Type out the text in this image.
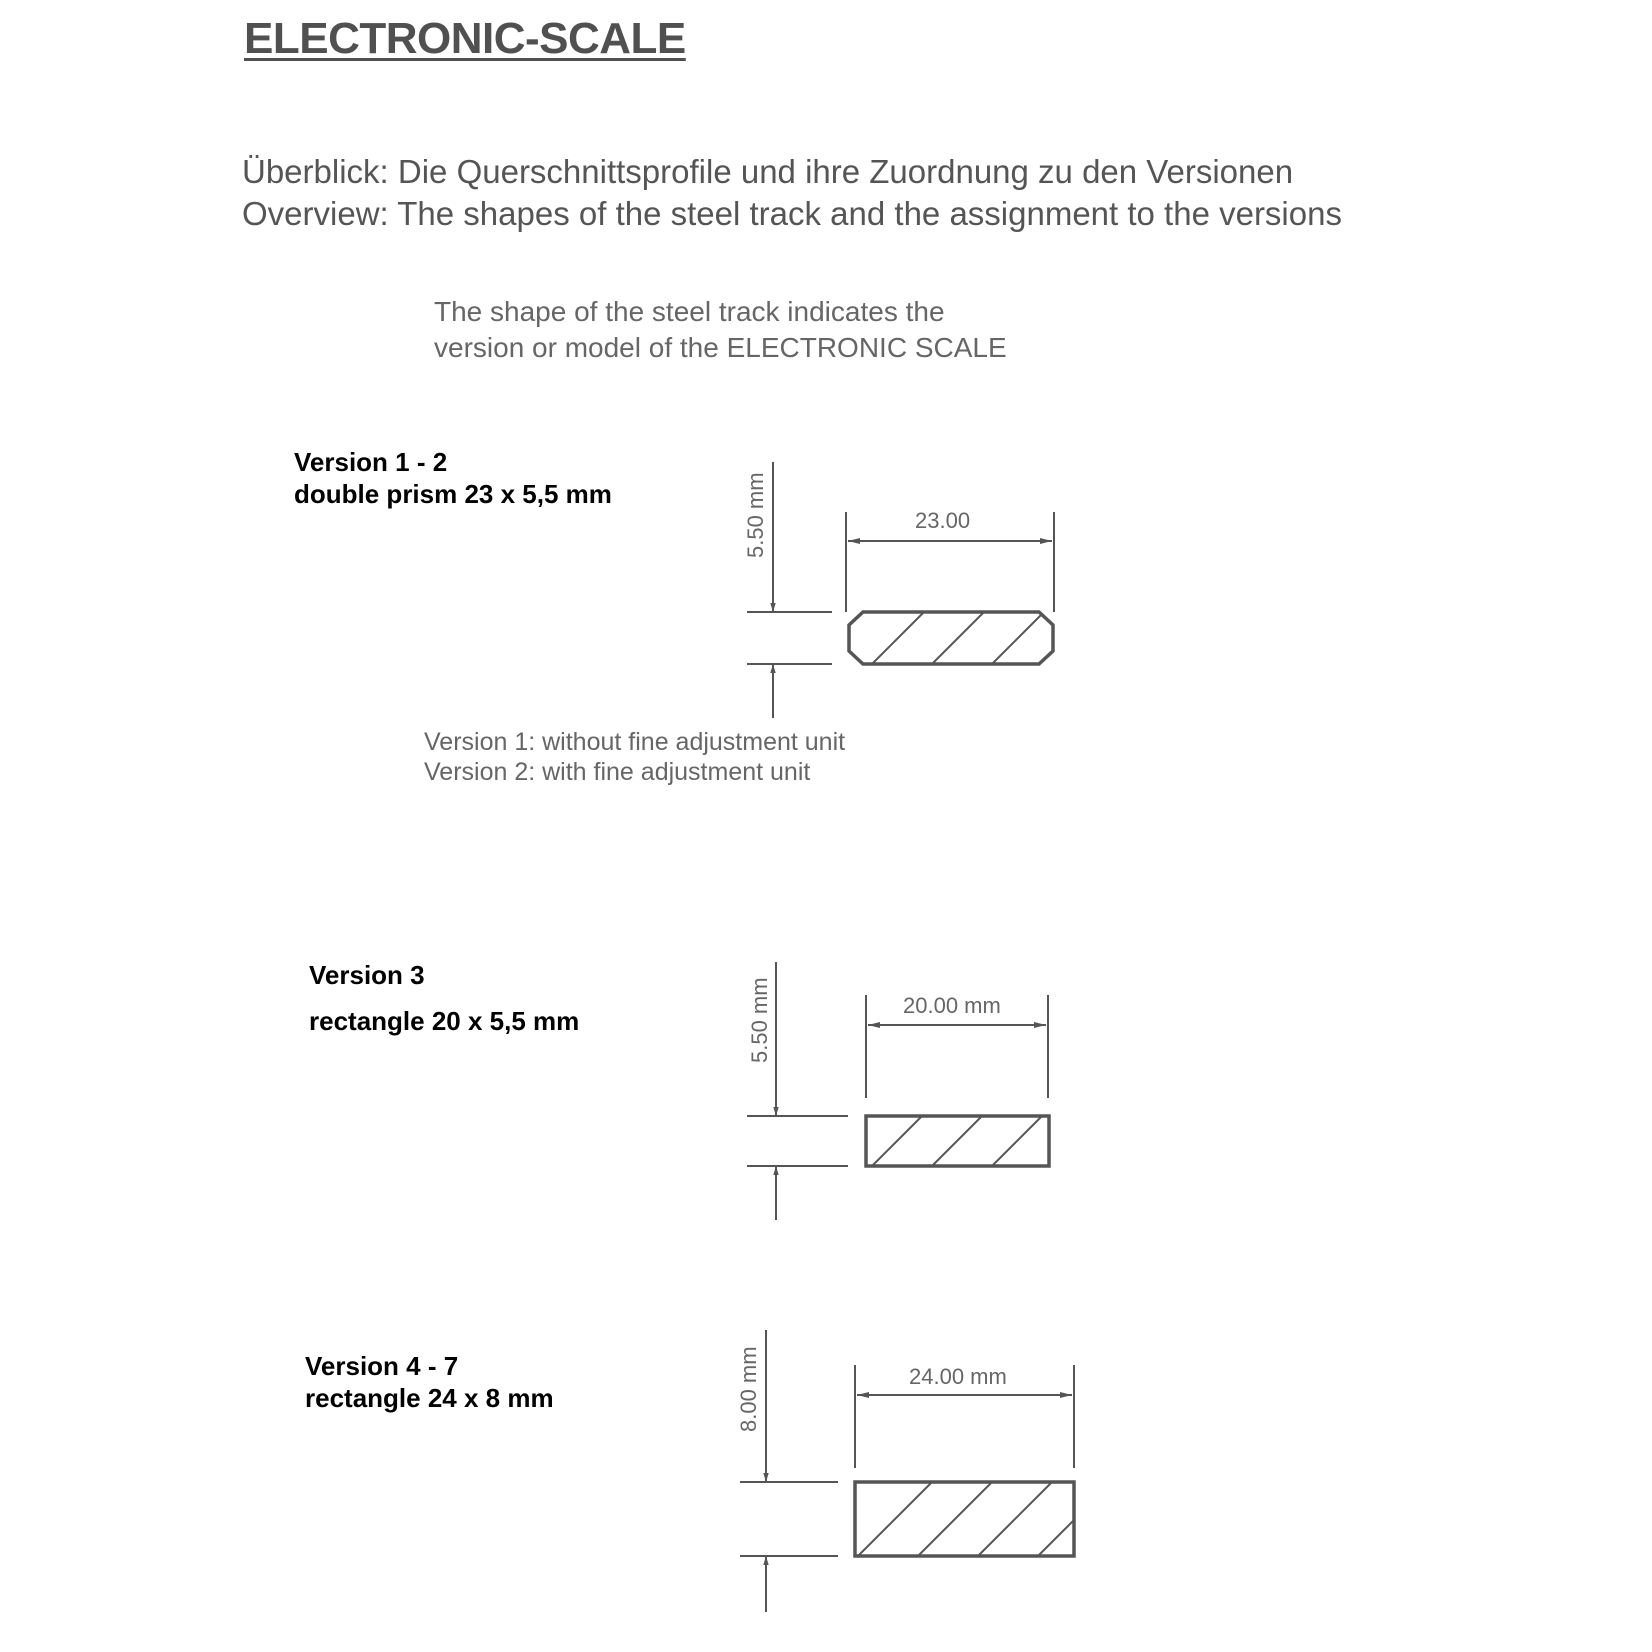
ELECTRONIC-SCALE
Überblick: Die Querschnittsprofile und ihre Zuordnung zu den Versionen
Overview: The shapes of the steel track and the assignment to the versions
The shape of the steel track indicates the
version or model of the ELECTRONIC SCALE
Version 1 - 2
double prism 23 x 5,5 mm
Version 3
rectangle 20 x 5,5 mm
Version 4 - 7
rectangle 24 x 8 mm
Version 1: without fine adjustment unit
Version 2: with fine adjustment unit
5.50 mm	23.00
5.50 mm	20.00 mm
8.00 mm	24.00 mm
